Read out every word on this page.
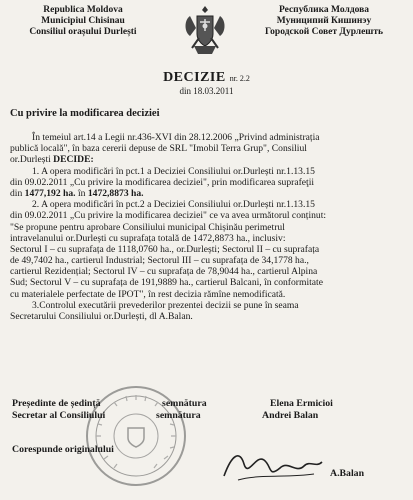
Republica Moldova
Municipiul Chisinau
Consiliul orașului Durlești
Республика Молдова
Муниципий Кишинэу
Городской Совет Дурлешть
DECIZIE nr. 2.2
din 18.03.2011
Cu privire la modificarea deciziei
În temeiul art.14 a Legii nr.436-XVI din 28.12.2006 „Privind administrația
publică locală", în baza cererii depuse de SRL "Imobil Terra Grup", Consiliul
or.Durlești DECIDE:
1. A opera modificări în pct.1 a Deciziei Consiliului or.Durlești nr.1.13.15
din 09.02.2011 „Cu privire la modificarea deciziei", prin modificarea suprafeţii
din 1477,192 ha. în 1472,8873 ha.
2. A opera modificări în pct.2 a Deciziei Consiliului or.Durlești nr.1.13.15
din 09.02.2011 „Cu privire la modificarea deciziei" ce va avea următorul conținut:
"Se propune pentru aprobare Consiliului municipal Chișinău perimetrul
intravelanului or.Durlești cu suprafața totală de 1472,8873 ha., inclusiv:
Sectorul I – cu suprafața de 1118,0760 ha., or.Durlești; Sectorul II – cu suprafața
de 49,7402 ha., cartierul Industrial; Sectorul III – cu suprafața de 34,1778 ha.,
cartierul Rezidențial; Sectorul IV – cu suprafața de 78,9044 ha., cartierul Alpina
Sud; Sectorul V – cu suprafața de 191,9889 ha., cartierul Balcani, în conformitate
cu materialele perfectate de IPOT", în rest decizia rămîne nemodificată.
3.Controlul executării prevederilor prezentei decizii se pune în seama
Secretarului Consiliului or.Durlești, dl A.Balan.
Președinte de ședință	semnătura	Elena Ermicioi
Secretar al Consiliului	semnătura	Andrei Balan
Corespunde originalului
A.Balan
